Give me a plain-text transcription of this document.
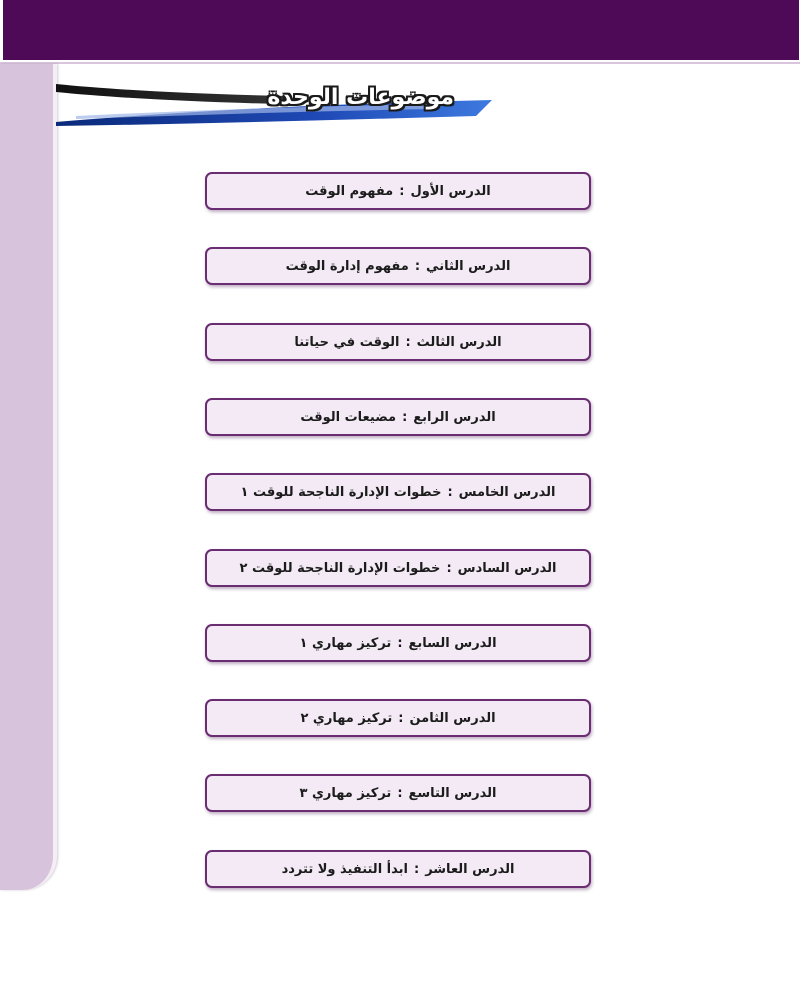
موضوعات الوحدة
الدرس الأول
:
مفهوم الوقت
الدرس الثاني
:
مفهوم إدارة الوقت
الدرس الثالث
:
الوقت في حياتنا
الدرس الرابع
:
مضيعات الوقت
الدرس الخامس
:
خطوات الإدارة الناجحة للوقت ١
الدرس السادس
:
خطوات الإدارة الناجحة للوقت ٢
الدرس السابع
:
تركيز مهاري ١
الدرس الثامن
:
تركيز مهاري ٢
الدرس التاسع
:
تركيز مهاري ٣
الدرس العاشر
:
ابدأ التنفيذ ولا تتردد
